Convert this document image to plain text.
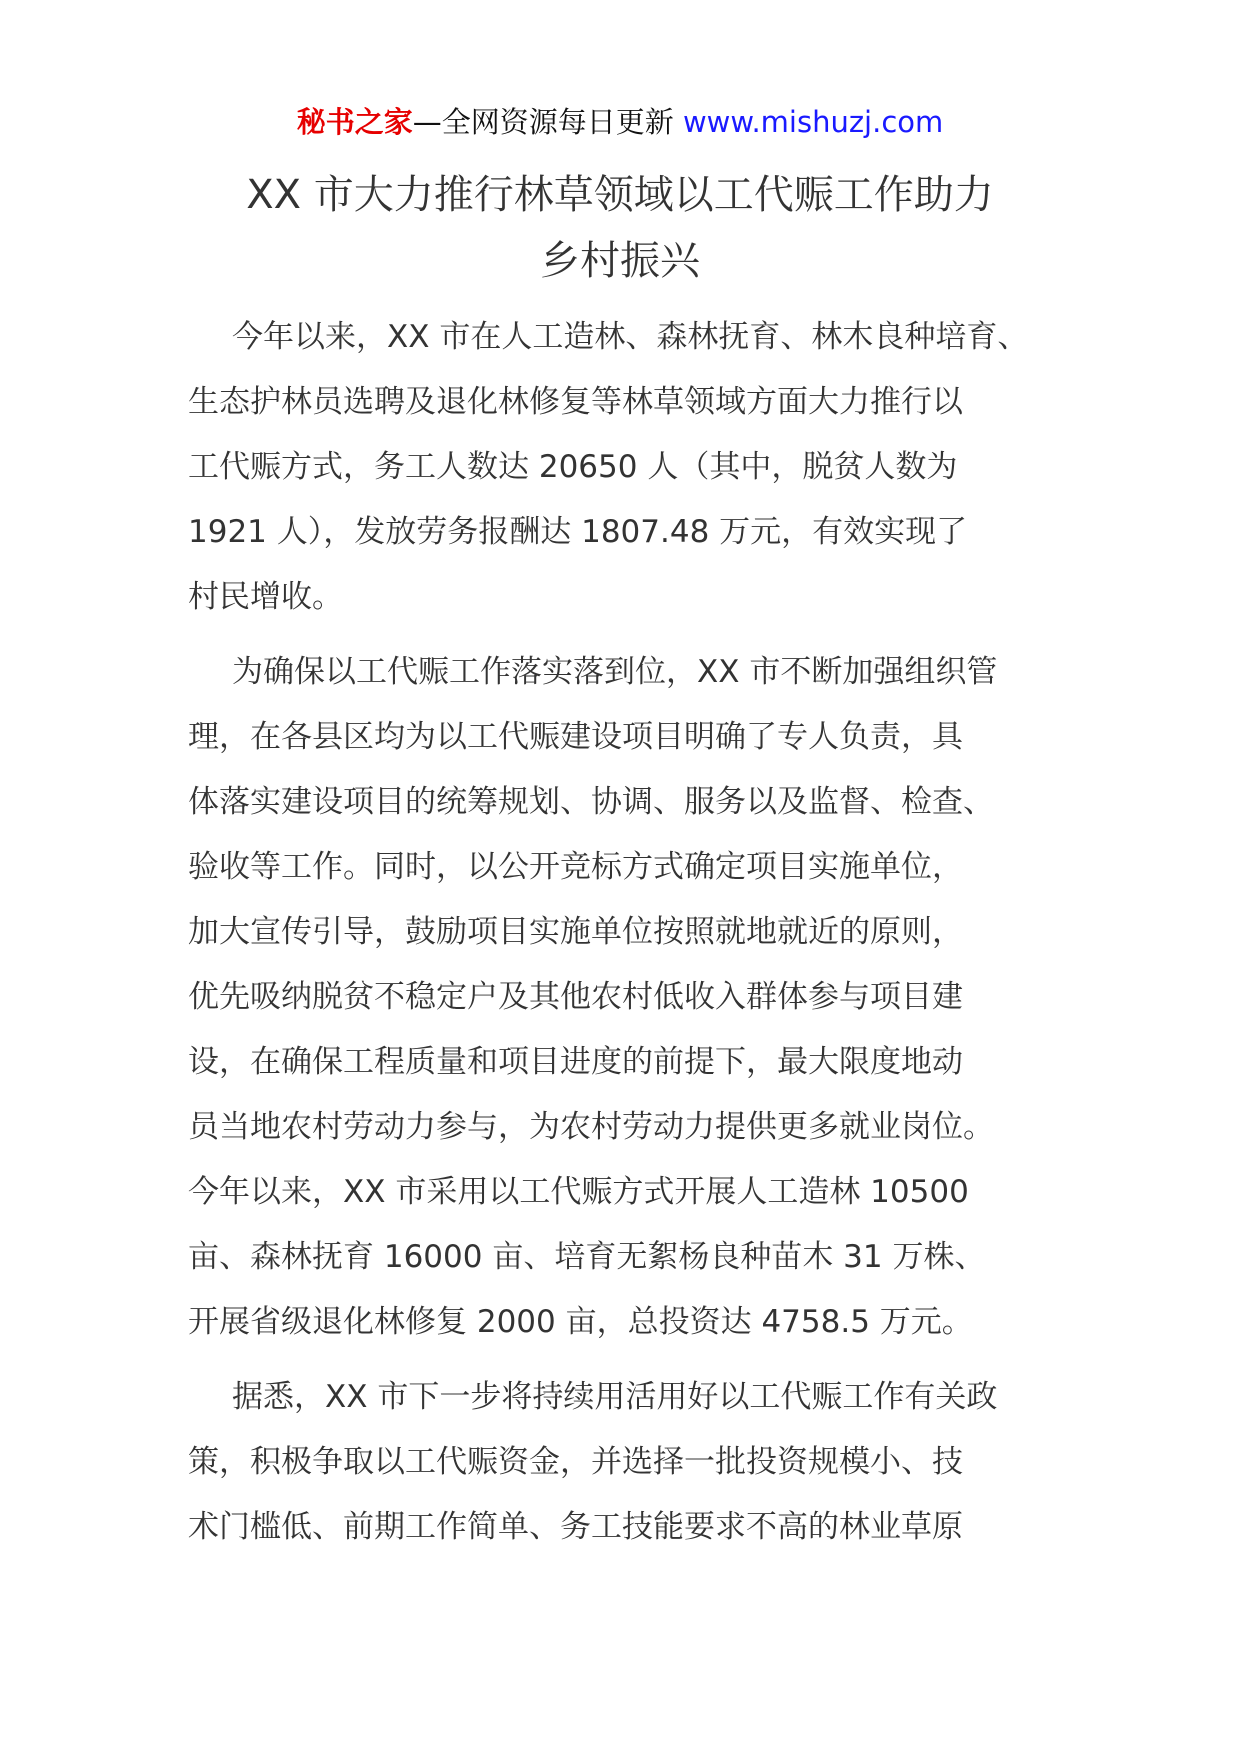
秘书之家—全网资源每日更新 www.mishuzj.com
XX 市大力推行林草领域以工代赈工作助力
乡村振兴

今年以来，XX 市在人工造林、森林抚育、林木良种培育、
生态护林员选聘及退化林修复等林草领域方面大力推行以
工代赈方式，务工人数达 20650 人（其中，脱贫人数为
1921 人），发放劳务报酬达 1807.48 万元，有效实现了
村民增收。

为确保以工代赈工作落实落到位，XX 市不断加强组织管
理，在各县区均为以工代赈建设项目明确了专人负责，具
体落实建设项目的统筹规划、协调、服务以及监督、检查、
验收等工作。同时，以公开竞标方式确定项目实施单位，
加大宣传引导，鼓励项目实施单位按照就地就近的原则，
优先吸纳脱贫不稳定户及其他农村低收入群体参与项目建
设，在确保工程质量和项目进度的前提下，最大限度地动
员当地农村劳动力参与，为农村劳动力提供更多就业岗位。
今年以来，XX 市采用以工代赈方式开展人工造林 10500
亩、森林抚育 16000 亩、培育无絮杨良种苗木 31 万株、
开展省级退化林修复 2000 亩，总投资达 4758.5 万元。

据悉，XX 市下一步将持续用活用好以工代赈工作有关政
策，积极争取以工代赈资金，并选择一批投资规模小、技
术门槛低、前期工作简单、务工技能要求不高的林业草原
